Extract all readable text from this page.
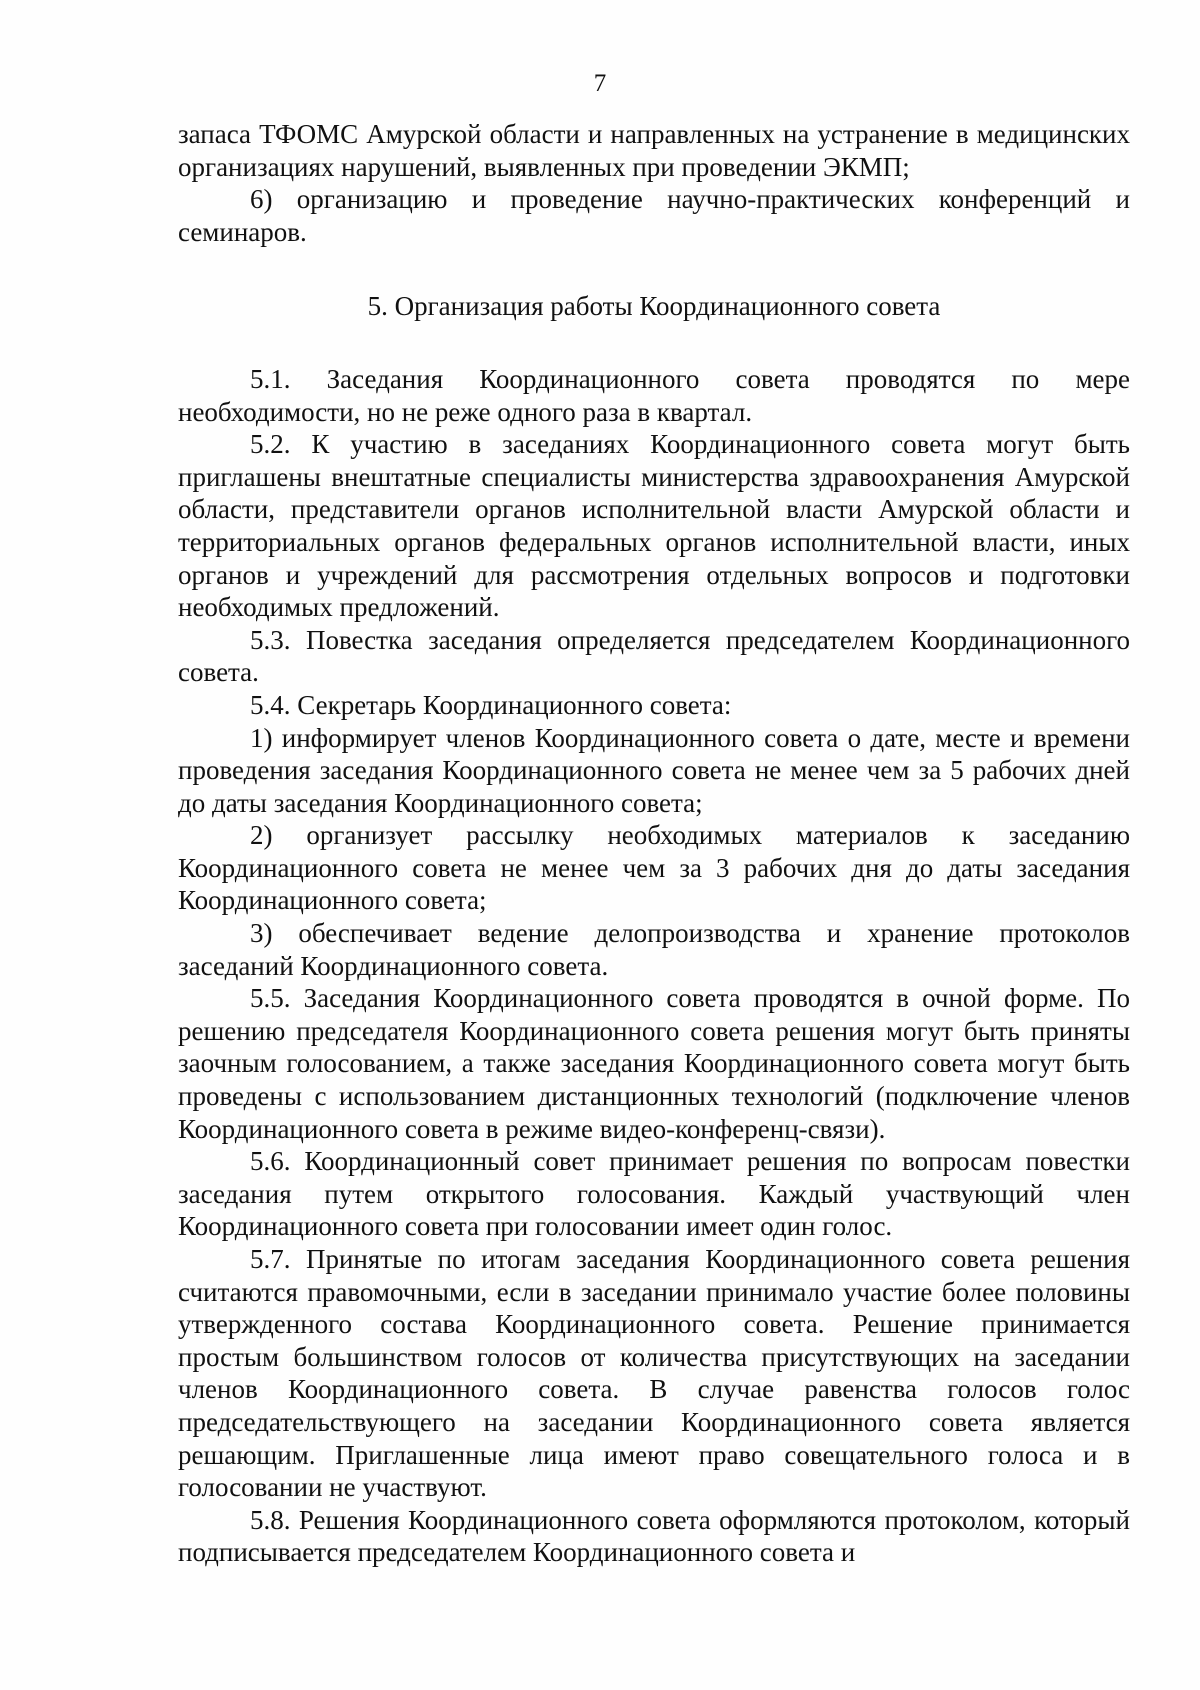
7

запаса ТФОМС Амурской области и направленных на устранение в медицинских организациях нарушений, выявленных при проведении ЭКМП;

6) организацию и проведение научно-практических конференций и семинаров.

5. Организация работы Координационного совета

5.1. Заседания Координационного совета проводятся по мере необходимости, но не реже одного раза в квартал.

5.2. К участию в заседаниях Координационного совета могут быть приглашены внештатные специалисты министерства здравоохранения Амурской области, представители органов исполнительной власти Амурской области и территориальных органов федеральных органов исполнительной власти, иных органов и учреждений для рассмотрения отдельных вопросов и подготовки необходимых предложений.

5.3. Повестка заседания определяется председателем Координационного совета.

5.4. Секретарь Координационного совета:

1) информирует членов Координационного совета о дате, месте и времени проведения заседания Координационного совета не менее чем за 5 рабочих дней до даты заседания Координационного совета;

2) организует рассылку необходимых материалов к заседанию Координационного совета не менее чем за 3 рабочих дня до даты заседания Координационного совета;

3) обеспечивает ведение делопроизводства и хранение протоколов заседаний Координационного совета.

5.5. Заседания Координационного совета проводятся в очной форме. По решению председателя Координационного совета решения могут быть приняты заочным голосованием, а также заседания Координационного совета могут быть проведены с использованием дистанционных технологий (подключение членов Координационного совета в режиме видео-конференц-связи).

5.6. Координационный совет принимает решения по вопросам повестки заседания путем открытого голосования. Каждый участвующий член Координационного совета при голосовании имеет один голос.

5.7. Принятые по итогам заседания Координационного совета решения считаются правомочными, если в заседании принимало участие более половины утвержденного состава Координационного совета. Решение принимается простым большинством голосов от количества присутствующих на заседании членов Координационного совета. В случае равенства голосов голос председательствующего на заседании Координационного совета является решающим. Приглашенные лица имеют право совещательного голоса и в голосовании не участвуют.

5.8. Решения Координационного совета оформляются протоколом, который подписывается председателем Координационного совета и
